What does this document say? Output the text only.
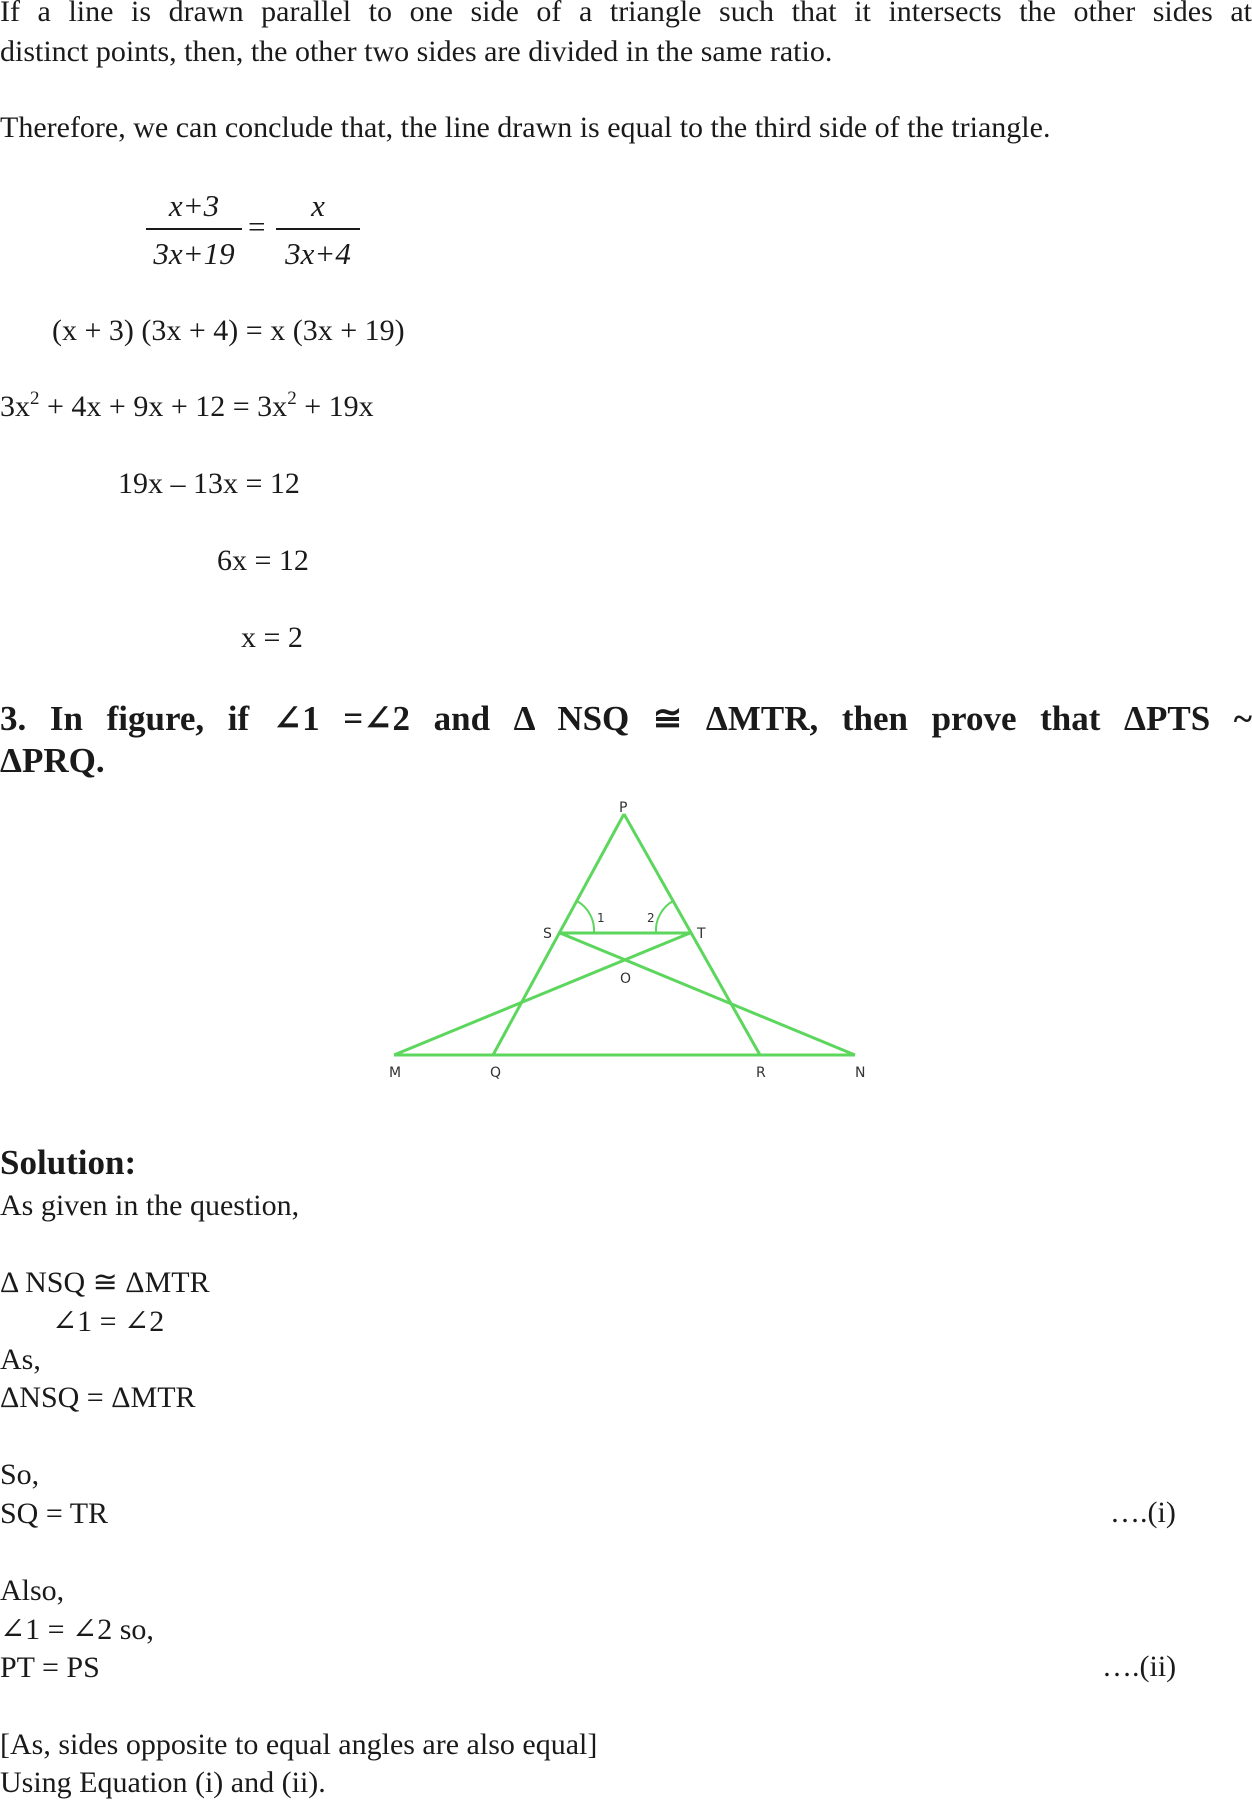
If a line is drawn parallel to one side of a triangle such that it intersects the other sides at
distinct points, then, the other two sides are divided in the same ratio.
Therefore, we can conclude that, the line drawn is equal to the third side of the triangle.
x+3
3x+19
=
x
3x+4
(x + 3) (3x + 4) = x (3x + 19)
$3x^2 + 4x + 9x + 12 = 3x^2 + 19x$
19x – 13x = 12
6x = 12
x = 2
3. In figure, if ∠1 =∠2 and Δ NSQ ≅ ΔMTR, then prove that ΔPTS ~
ΔPRQ.
P
S	T
O
M	Q	R	N
1	2
Solution:
As given in the question,
Δ NSQ ≅ ΔMTR
∠1 = ∠2
As,
ΔNSQ = ΔMTR
So,
SQ = TR	….(i)
Also,
∠1 = ∠2 so,
PT = PS	….(ii)
[As, sides opposite to equal angles are also equal]
Using Equation (i) and (ii).
